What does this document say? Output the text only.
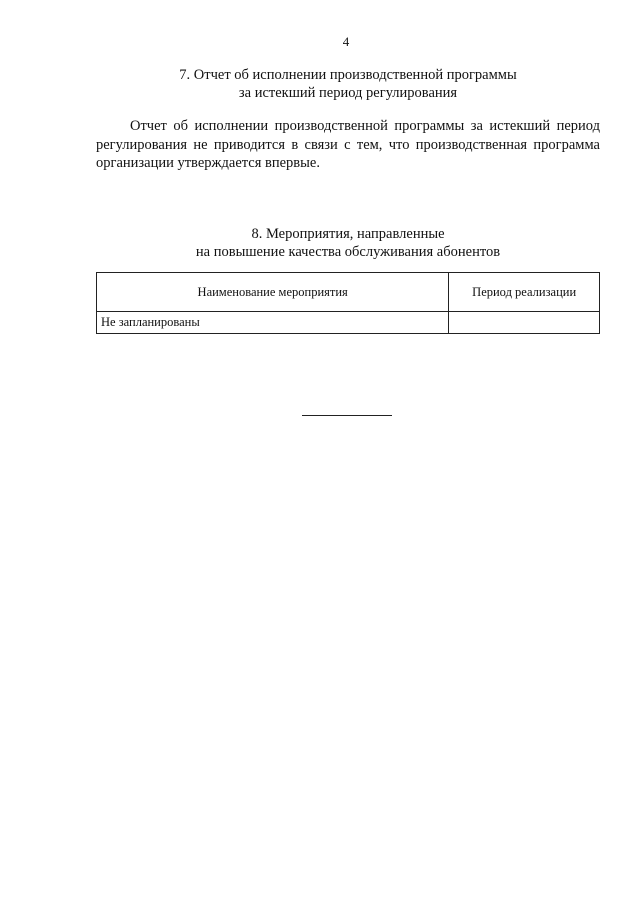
4
7. Отчет об исполнении производственной программы
за истекший период регулирования

Отчет об исполнении производственной программы за истекший период регулирования не приводится в связи с тем, что производственная программа организации утверждается впервые.

8. Мероприятия, направленные
на повышение качества обслуживания абонентов
Наименование мероприятия	Период реализации
Не запланированы	
